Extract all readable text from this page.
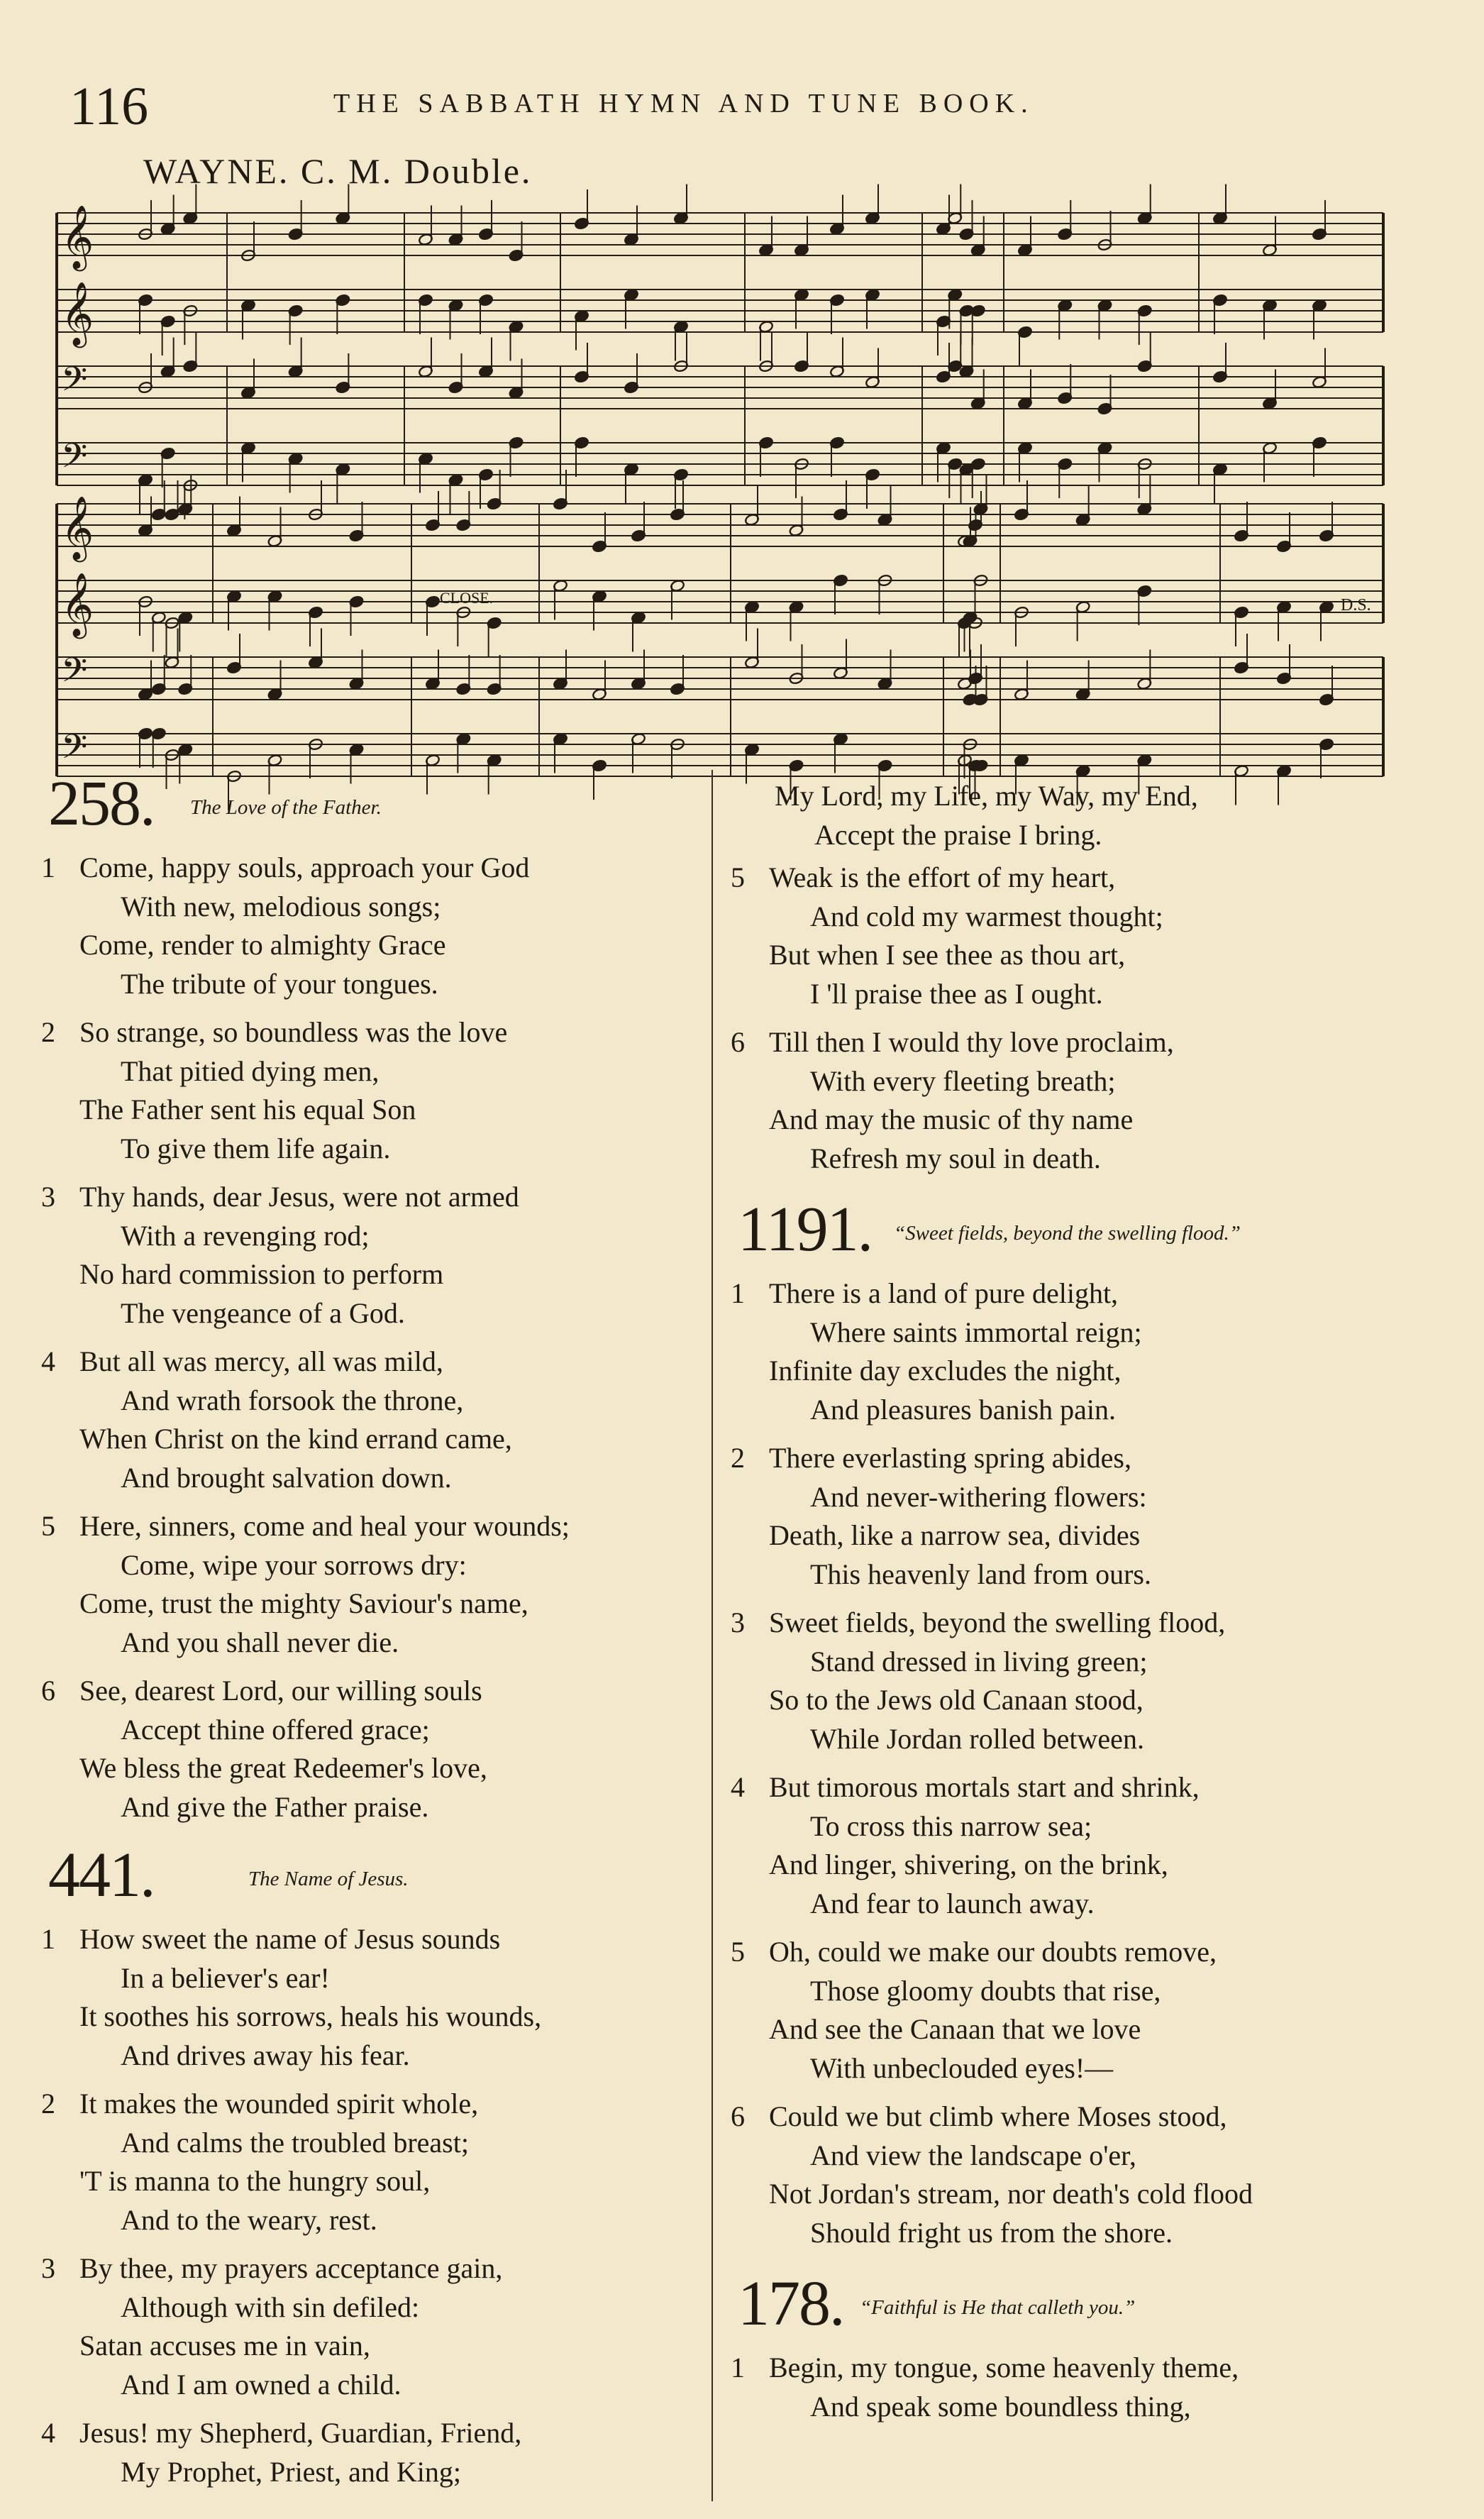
116	THE SABBATH HYMN AND TUNE BOOK.
WAYNE. C. M. Double.
𝄞
𝄢
𝄞
𝄢
𝄞
𝄢
𝄞
𝄢
CLOSE.	D.S.
258. The Love of the Father.
1 Come, happy souls, approach your God
With new, melodious songs;
Come, render to almighty Grace
The tribute of your tongues.
2 So strange, so boundless was the love
That pitied dying men,
The Father sent his equal Son
To give them life again.
3 Thy hands, dear Jesus, were not armed
With a revenging rod;
No hard commission to perform
The vengeance of a God.
4 But all was mercy, all was mild,
And wrath forsook the throne,
When Christ on the kind errand came,
And brought salvation down.
5 Here, sinners, come and heal your wounds;
Come, wipe your sorrows dry:
Come, trust the mighty Saviour's name,
And you shall never die.
6 See, dearest Lord, our willing souls
Accept thine offered grace;
We bless the great Redeemer's love,
And give the Father praise.
441.	The Name of Jesus.
1 How sweet the name of Jesus sounds
In a believer's ear!
It soothes his sorrows, heals his wounds,
And drives away his fear.
2 It makes the wounded spirit whole,
And calms the troubled breast;
'T is manna to the hungry soul,
And to the weary, rest.
3 By thee, my prayers acceptance gain,
Although with sin defiled:
Satan accuses me in vain,
And I am owned a child.
4 Jesus! my Shepherd, Guardian, Friend,
My Prophet, Priest, and King;
My Lord, my Life, my Way, my End,
Accept the praise I bring.
5 Weak is the effort of my heart,
And cold my warmest thought;
But when I see thee as thou art,
I 'll praise thee as I ought.
6 Till then I would thy love proclaim,
With every fleeting breath;
And may the music of thy name
Refresh my soul in death.
1191. “Sweet fields, beyond the swelling flood.”
1 There is a land of pure delight,
Where saints immortal reign;
Infinite day excludes the night,
And pleasures banish pain.
2 There everlasting spring abides,
And never-withering flowers:
Death, like a narrow sea, divides
This heavenly land from ours.
3 Sweet fields, beyond the swelling flood,
Stand dressed in living green;
So to the Jews old Canaan stood,
While Jordan rolled between.
4 But timorous mortals start and shrink,
To cross this narrow sea;
And linger, shivering, on the brink,
And fear to launch away.
5 Oh, could we make our doubts remove,
Those gloomy doubts that rise,
And see the Canaan that we love
With unbeclouded eyes!—
6 Could we but climb where Moses stood,
And view the landscape o'er,
Not Jordan's stream, nor death's cold flood
Should fright us from the shore.
178. “Faithful is He that calleth you.”
1 Begin, my tongue, some heavenly theme,
And speak some boundless thing,
